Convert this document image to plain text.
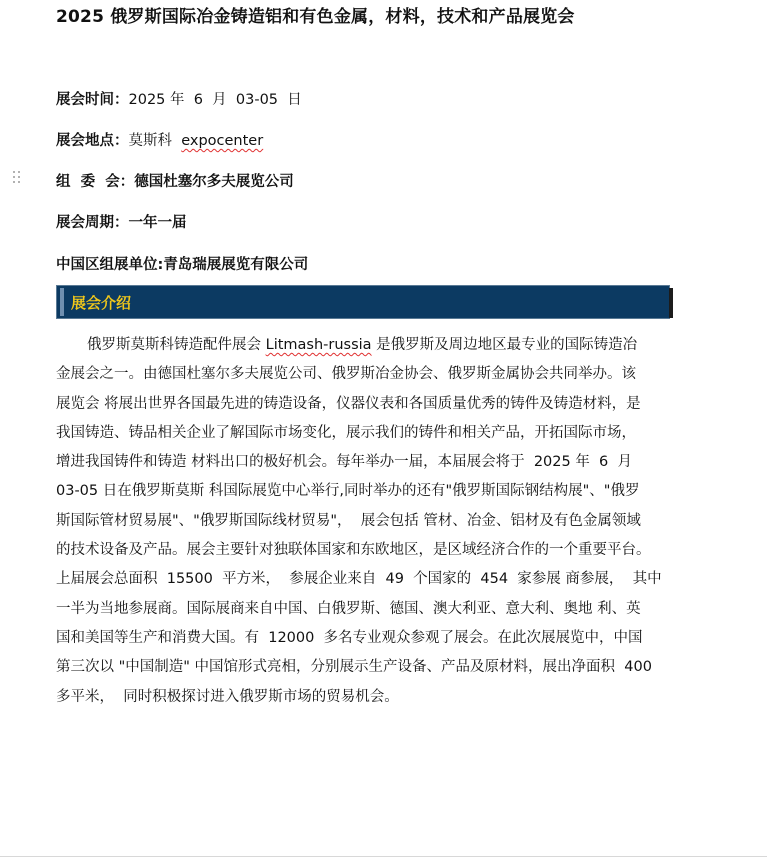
2025 俄罗斯国际冶金铸造铝和有色金属，材料，技术和产品展览会
展会时间：2025 年  6  月  03-05  日
展会地点：莫斯科 expocenter
组  委  会：德国杜塞尔多夫展览公司
展会周期：一年一届
中国区组展单位:青岛瑞展展览有限公司
展会介绍
俄罗斯莫斯科铸造配件展会 Litmash-russia 是俄罗斯及周边地区最专业的国际铸造冶
金展会之一。由德国杜塞尔多夫展览公司、俄罗斯冶金协会、俄罗斯金属协会共同举办。该
展览会 将展出世界各国最先进的铸造设备，仪器仪表和各国质量优秀的铸件及铸造材料，是
我国铸造、铸品相关企业了解国际市场变化，展示我们的铸件和相关产品，开拓国际市场，
增进我国铸件和铸造 材料出口的极好机会。每年举办一届，本届展会将于  2025 年  6  月
03-05 日在俄罗斯莫斯 科国际展览中心举行,同时举办的还有"俄罗斯国际钢结构展"、"俄罗
斯国际管材贸易展"、"俄罗斯国际线材贸易"，  展会包括 管材、冶金、铝材及有色金属领域
的技术设备及产品。展会主要针对独联体国家和东欧地区，是区域经济合作的一个重要平台。
上届展会总面积  15500  平方米，  参展企业来自  49  个国家的  454  家参展 商参展，  其中
一半为当地参展商。国际展商来自中国、白俄罗斯、德国、澳大利亚、意大利、奥地 利、英
国和美国等生产和消费大国。有  12000  多名专业观众参观了展会。在此次展展览中，中国
第三次以 "中国制造" 中国馆形式亮相，分别展示生产设备、产品及原材料，展出净面积  400
多平米，  同时积极探讨进入俄罗斯市场的贸易机会。
